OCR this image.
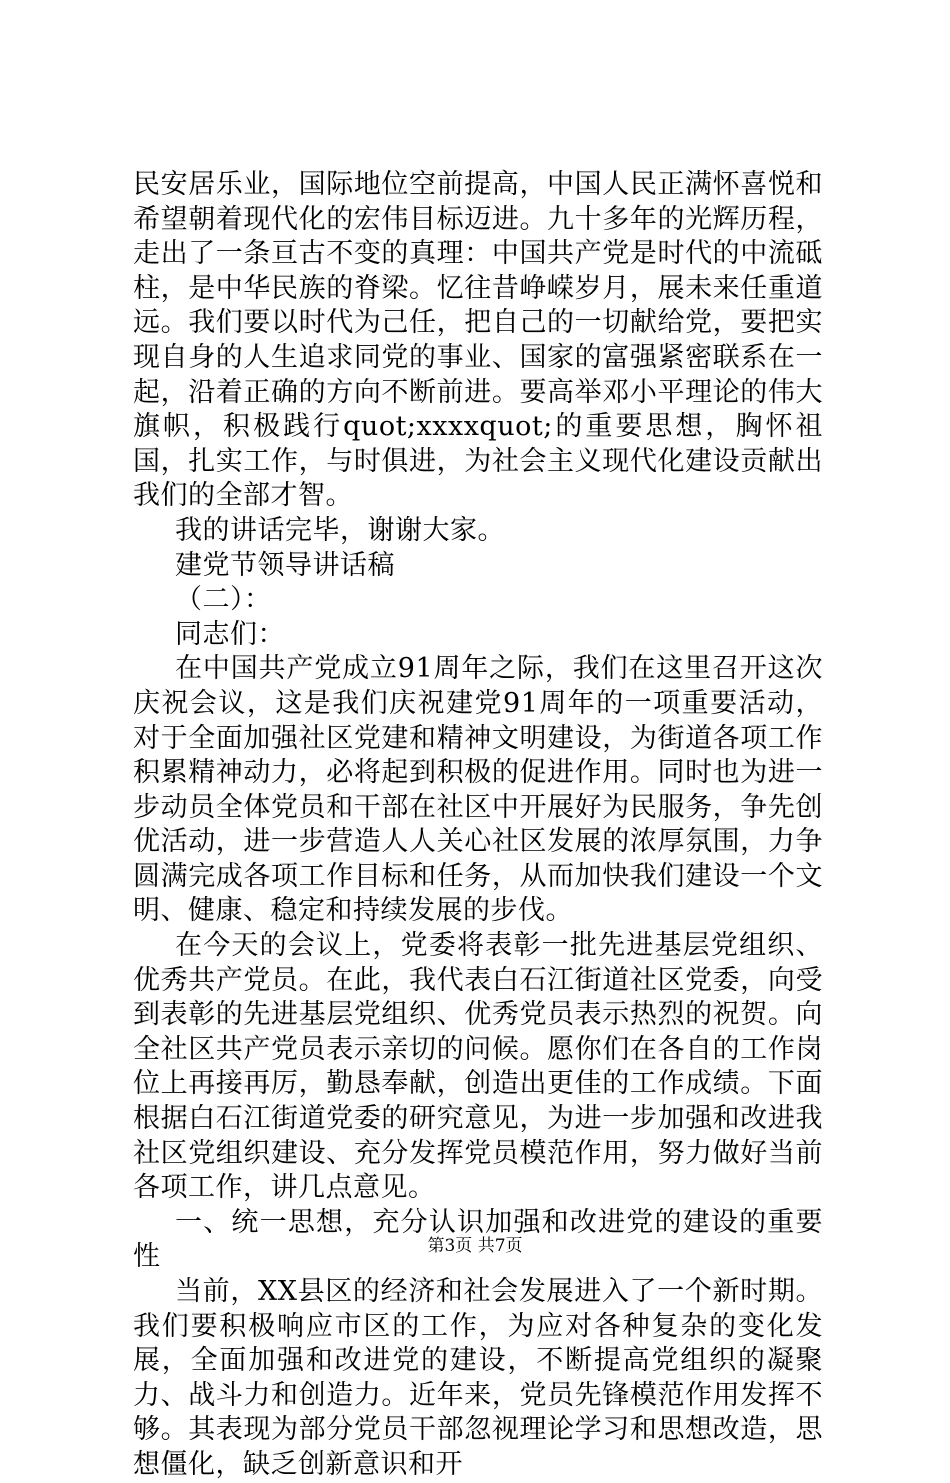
民安居乐业，国际地位空前提高，中国人民正满怀喜悦和希望朝着现代化的宏伟目标迈进。九十多年的光辉历程，走出了一条亘古不变的真理：中国共产党是时代的中流砥柱，是中华民族的脊梁。忆往昔峥嵘岁月，展未来任重道远。我们要以时代为己任，把自己的一切献给党，要把实现自身的人生追求同党的事业、国家的富强紧密联系在一起，沿着正确的方向不断前进。要高举邓小平理论的伟大旗帜，积极践行quot;xxxxquot;的重要思想，胸怀祖国，扎实工作，与时俱进，为社会主义现代化建设贡献出我们的全部才智。

我的讲话完毕，谢谢大家。

建党节领导讲话稿

（二）：

同志们：

在中国共产党成立91周年之际，我们在这里召开这次庆祝会议，这是我们庆祝建党91周年的一项重要活动，对于全面加强社区党建和精神文明建设，为街道各项工作积累精神动力，必将起到积极的促进作用。同时也为进一步动员全体党员和干部在社区中开展好为民服务，争先创优活动，进一步营造人人关心社区发展的浓厚氛围，力争圆满完成各项工作目标和任务，从而加快我们建设一个文明、健康、稳定和持续发展的步伐。

在今天的会议上，党委将表彰一批先进基层党组织、优秀共产党员。在此，我代表白石江街道社区党委，向受到表彰的先进基层党组织、优秀党员表示热烈的祝贺。向全社区共产党员表示亲切的问候。愿你们在各自的工作岗位上再接再厉，勤恳奉献，创造出更佳的工作成绩。下面根据白石江街道党委的研究意见，为进一步加强和改进我社区党组织建设、充分发挥党员模范作用，努力做好当前各项工作，讲几点意见。

一、统一思想，充分认识加强和改进党的建设的重要性

当前，XX县区的经济和社会发展进入了一个新时期。我们要积极响应市区的工作，为应对各种复杂的变化发展，全面加强和改进党的建设，不断提高党组织的凝聚力、战斗力和创造力。近年来，党员先锋模范作用发挥不够。其表现为部分党员干部忽视理论学习和思想改造，思想僵化，缺乏创新意识和开

第3页 共7页
